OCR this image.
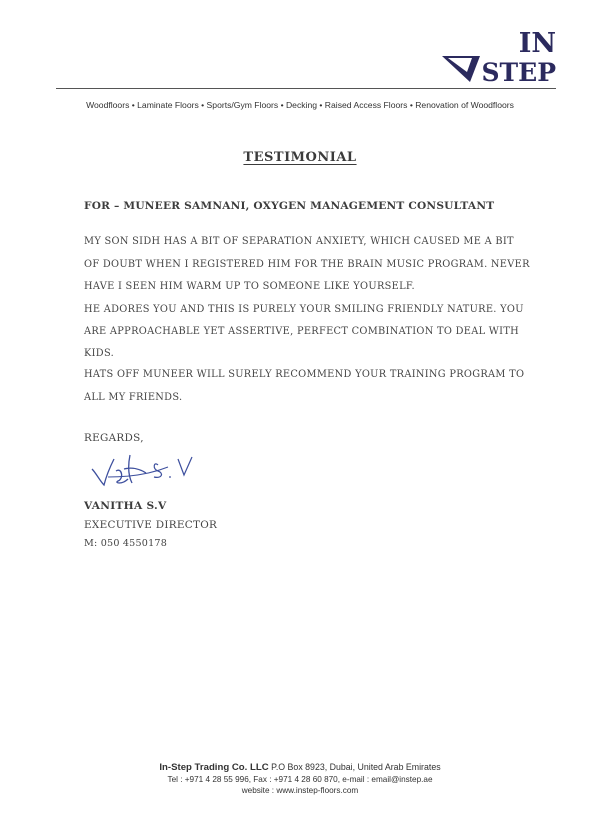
IN
STEP
Woodfloors • Laminate Floors • Sports/Gym Floors • Decking • Raised Access Floors • Renovation of Woodfloors
TESTIMONIAL
FOR – MUNEER SAMNANI, OXYGEN MANAGEMENT CONSULTANT
MY SON SIDH HAS A BIT OF SEPARATION ANXIETY, WHICH CAUSED ME A BIT
OF DOUBT WHEN I REGISTERED HIM FOR THE BRAIN MUSIC PROGRAM. NEVER
HAVE I SEEN HIM WARM UP TO SOMEONE LIKE YOURSELF.
HE ADORES YOU AND THIS IS PURELY YOUR SMILING FRIENDLY NATURE. YOU
ARE APPROACHABLE YET ASSERTIVE, PERFECT COMBINATION TO DEAL WITH
KIDS.
HATS OFF MUNEER WILL SURELY RECOMMEND YOUR TRAINING PROGRAM TO
ALL MY FRIENDS.
REGARDS,
VANITHA S.V
EXECUTIVE DIRECTOR
M: 050 4550178
In-Step Trading Co. LLC P.O Box 8923, Dubai, United Arab Emirates
Tel : +971 4 28 55 996, Fax : +971 4 28 60 870, e-mail : email@instep.ae
website : www.instep-floors.com
